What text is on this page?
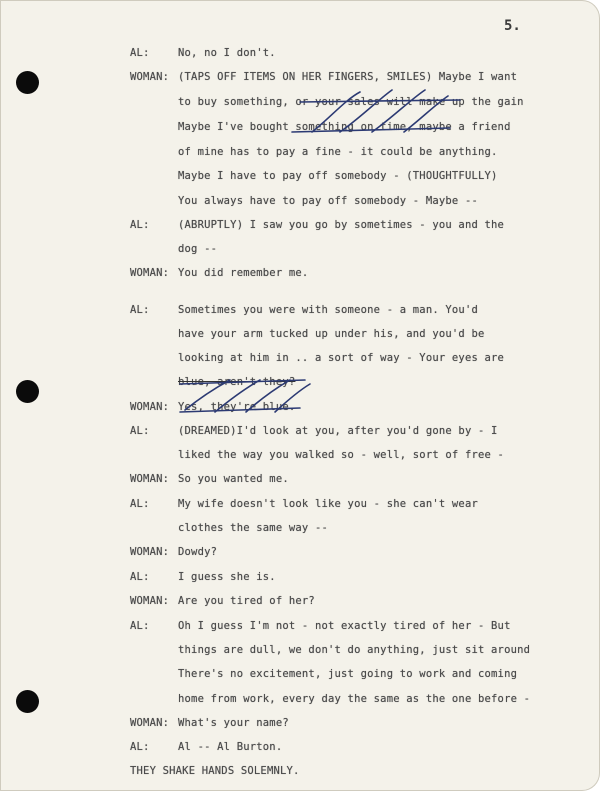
5.
AL:	No, no I don't.
WOMAN: (TAPS OFF ITEMS ON HER FINGERS, SMILES) Maybe I want
to buy something, or your sales will make up the gain
Maybe I've bought something on time, maybe a friend
of mine has to pay a fine - it could be anything.
Maybe I have to pay off somebody - (THOUGHTFULLY)
You always have to pay off somebody - Maybe --
AL:	(ABRUPTLY) I saw you go by sometimes - you and the
dog --
WOMAN: You did remember me.
AL:	Sometimes you were with someone - a man. You'd
have your arm tucked up under his, and you'd be
looking at him in .. a sort of way - Your eyes are
blue, aren't they?
WOMAN: Yes, they're blue.
AL:	(DREAMED)I'd look at you, after you'd gone by - I
liked the way you walked so - well, sort of free -
WOMAN: So you wanted me.
AL:	My wife doesn't look like you - she can't wear
clothes the same way --
WOMAN: Dowdy?
AL:	I guess she is.
WOMAN: Are you tired of her?
AL:	Oh I guess I'm not - not exactly tired of her - But
things are dull, we don't do anything, just sit around
There's no excitement, just going to work and coming
home from work, every day the same as the one before -
WOMAN: What's your name?
AL:	Al -- Al Burton.
THEY SHAKE HANDS SOLEMNLY.
